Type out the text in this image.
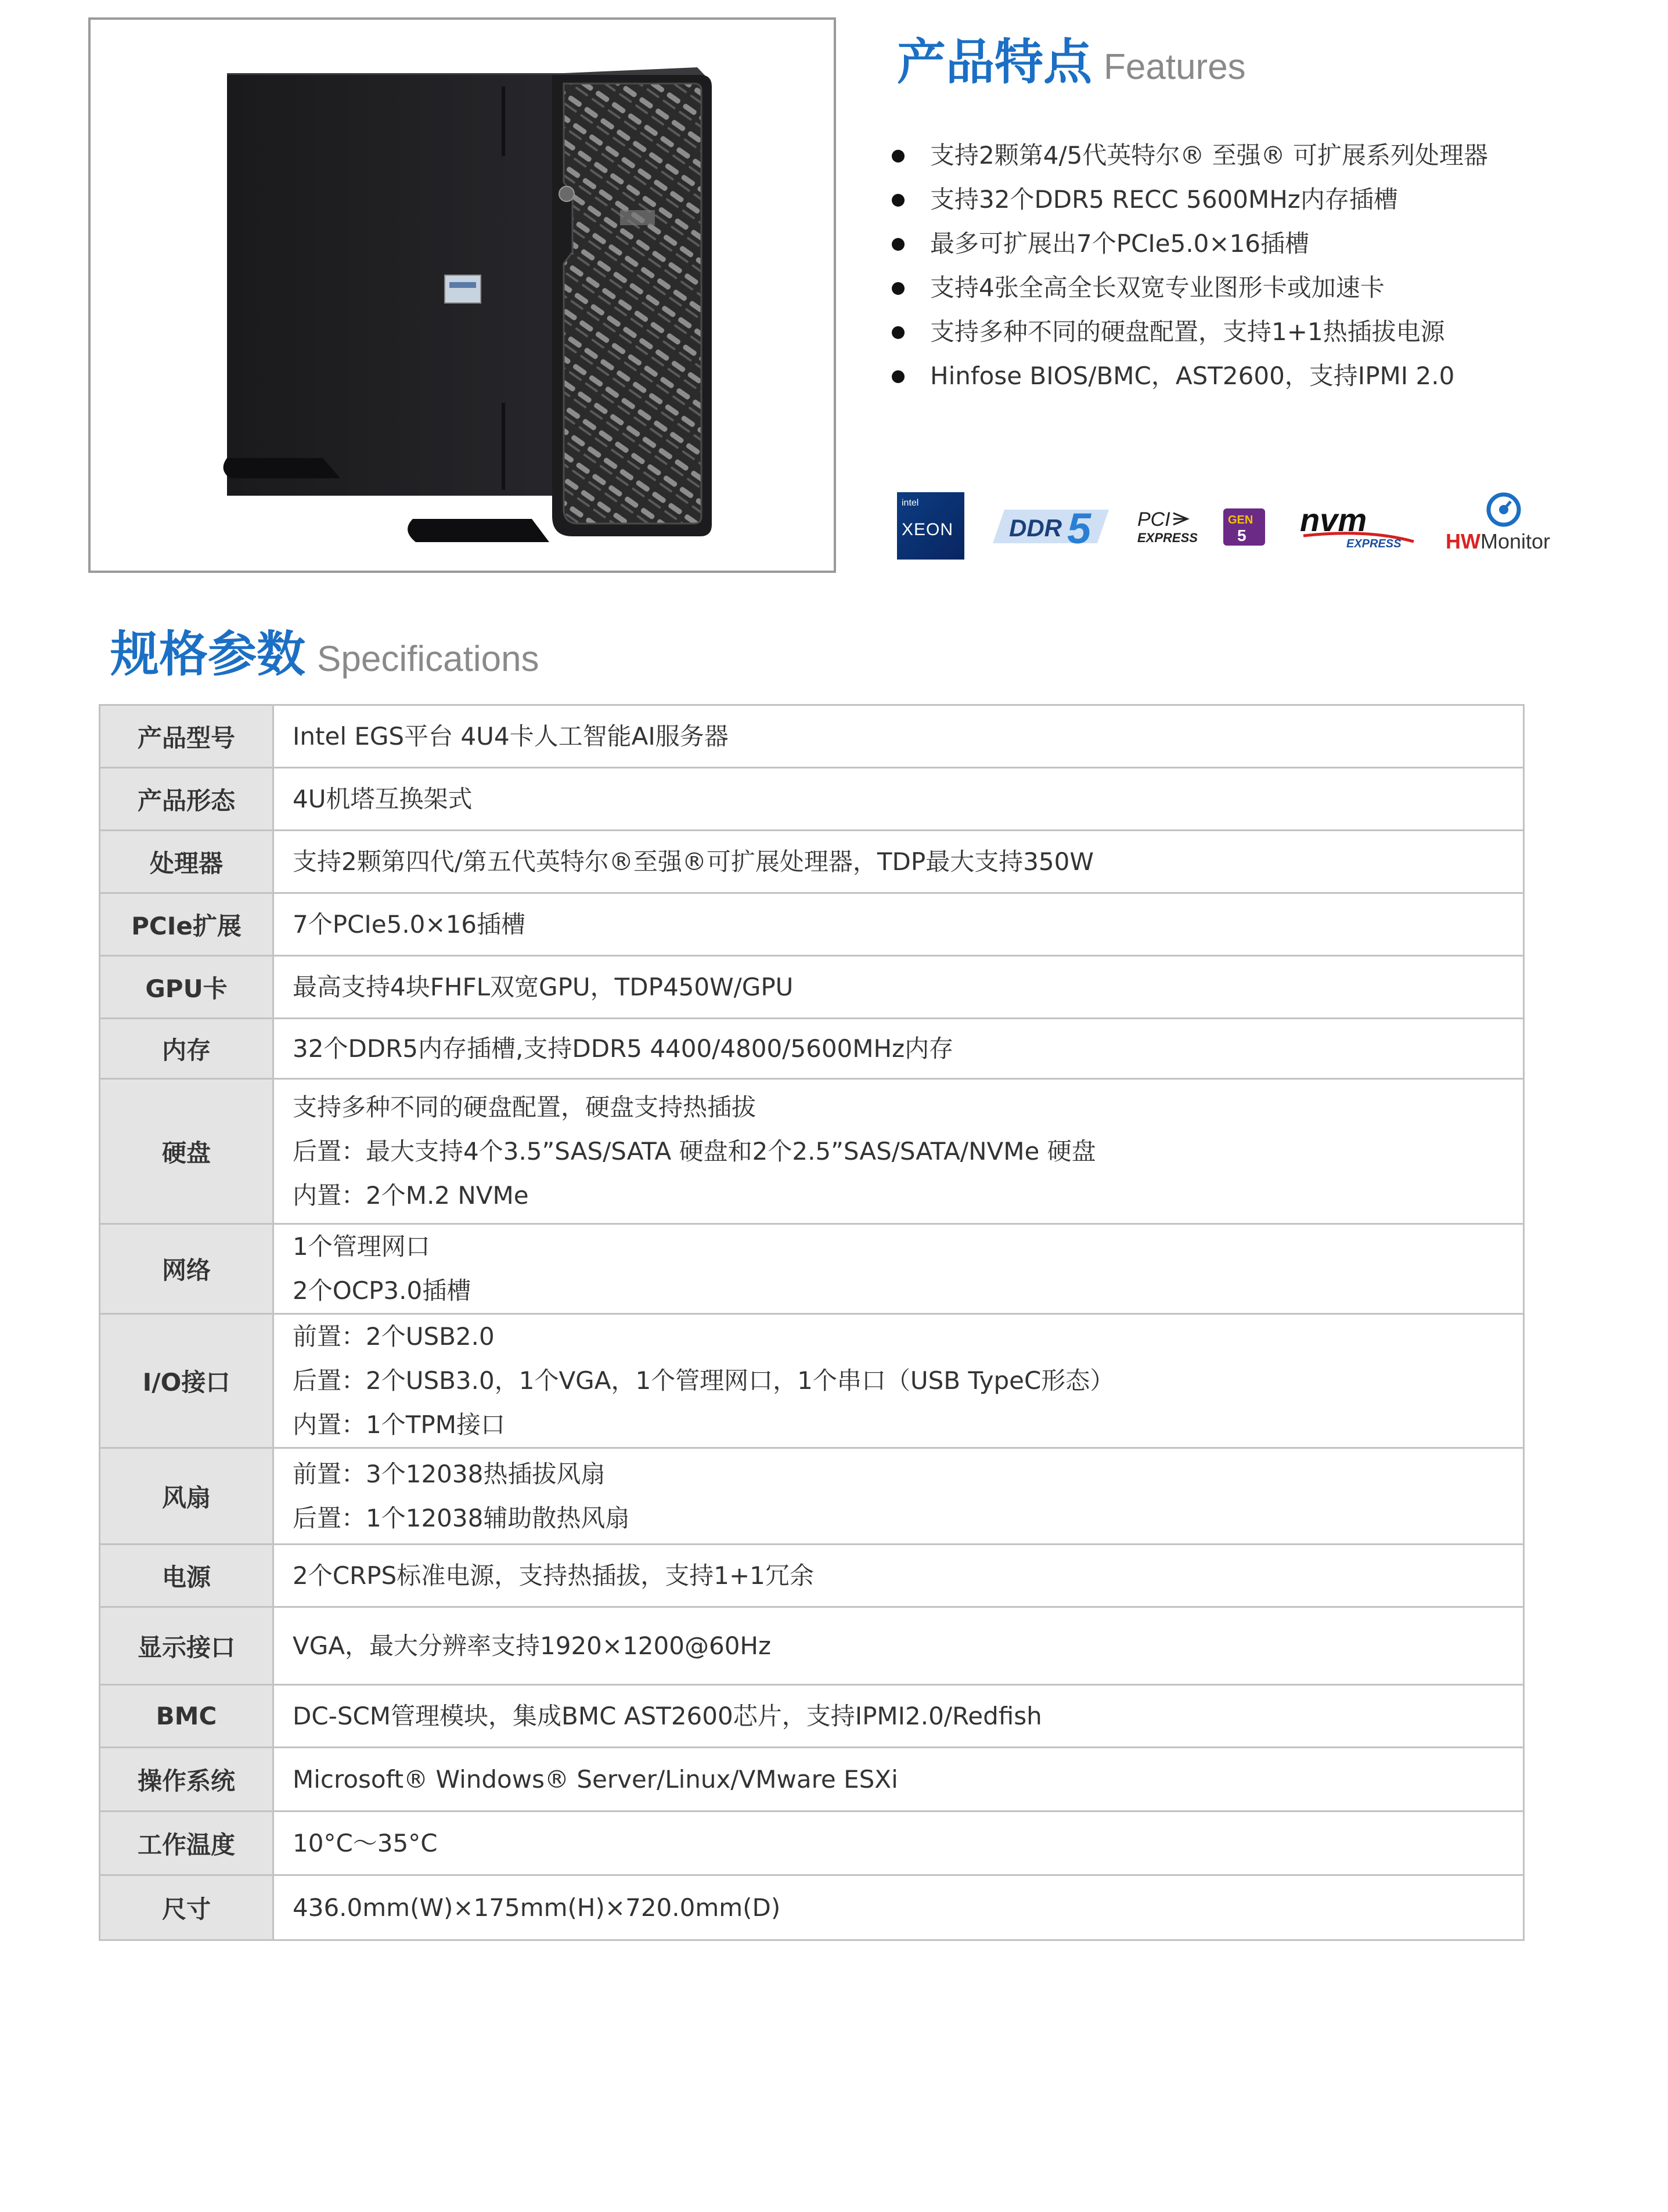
产品特点 Features
支持2颗第4/5代英特尔® 至强® 可扩展系列处理器
支持32个DDR5 RECC 5600MHz内存插槽
最多可扩展出7个PCIe5.0×16插槽
支持4张全高全长双宽专业图形卡或加速卡
支持多种不同的硬盘配置，支持1+1热插拔电源
Hinfose BIOS/BMC，AST2600，支持IPMI 2.0
intel
XEON DDR 5 PCI
EXPRESS
GEN
5 nvm
EXPRESS HWMonitor
规格参数 Specifications
产品型号	Intel EGS平台 4U4卡人工智能AI服务器

产品形态	4U机塔互换架式

处理器	支持2颗第四代/第五代英特尔®至强®可扩展处理器，TDP最大支持350W

PCIe扩展	7个PCIe5.0×16插槽

GPU卡	最高支持4块FHFL双宽GPU，TDP450W/GPU

内存	32个DDR5内存插槽,支持DDR5 4400/4800/5600MHz内存

硬盘	支持多种不同的硬盘配置，硬盘支持热插拔
后置：最大支持4个3.5”SAS/SATA 硬盘和2个2.5”SAS/SATA/NVMe 硬盘
内置：2个M.2 NVMe

网络	1个管理网口
2个OCP3.0插槽

I/O接口	前置：2个USB2.0
后置：2个USB3.0，1个VGA，1个管理网口，1个串口（USB TypeC形态）
内置：1个TPM接口

风扇	前置：3个12038热插拔风扇
后置：1个12038辅助散热风扇

电源	2个CRPS标准电源，支持热插拔，支持1+1冗余

显示接口	VGA，最大分辨率支持1920×1200@60Hz

BMC	DC-SCM管理模块，集成BMC AST2600芯片，支持IPMI2.0/Redfish

操作系统	Microsoft® Windows® Server/Linux/VMware ESXi

工作温度	10°C～35°C

尺寸	436.0mm(W)×175mm(H)×720.0mm(D)
